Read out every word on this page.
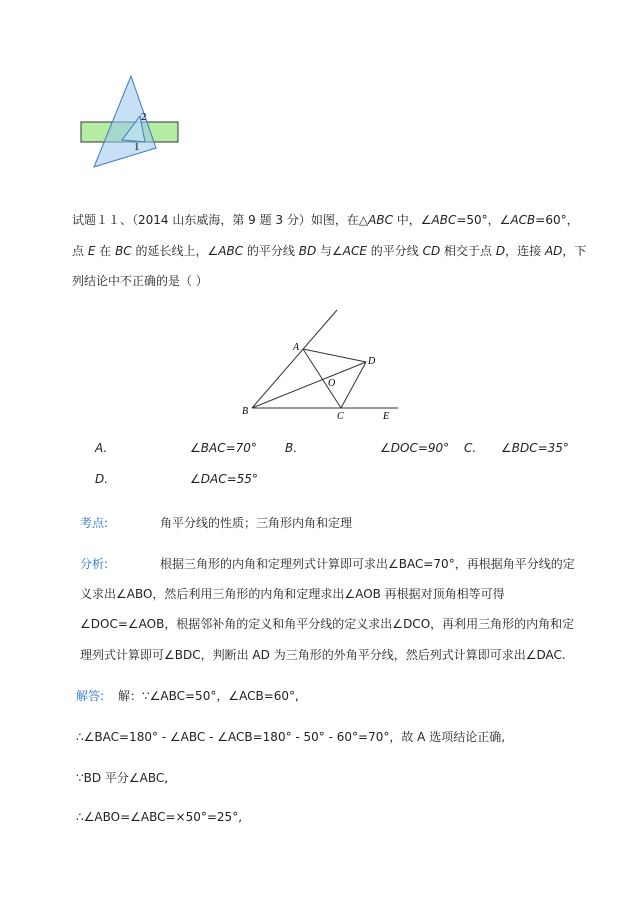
2
1
试题１１、（2014 山东威海，第 9 题 3 分）如图，在△ABC 中，∠ABC=50°，∠ACB=60°，
点 E 在 BC 的延长线上，∠ABC 的平分线 BD 与∠ACE 的平分线 CD 相交于点 D，连接 AD，下
列结论中不正确的是（ ）
A
B	C
D
E
O
A.	∠BAC=70° B.	∠DOC=90° C. ∠BDC=35°
D.	∠DAC=55°
考点:	角平分线的性质；三角形内角和定理
分析:	根据三角形的内角和定理列式计算即可求出∠BAC=70°，再根据角平分线的定
义求出∠ABO，然后利用三角形的内角和定理求出∠AOB 再根据对顶角相等可得
∠DOC=∠AOB，根据邻补角的定义和角平分线的定义求出∠DCO，再利用三角形的内角和定
理列式计算即可∠BDC，判断出 AD 为三角形的外角平分线，然后列式计算即可求出∠DAC.
解答: 解：∵∠ABC=50°，∠ACB=60°,
∴∠BAC=180° - ∠ABC - ∠ACB=180° - 50° - 60°=70°，故 A 选项结论正确,
∵BD 平分∠ABC,
∴∠ABO=∠ABC=×50°=25°,
